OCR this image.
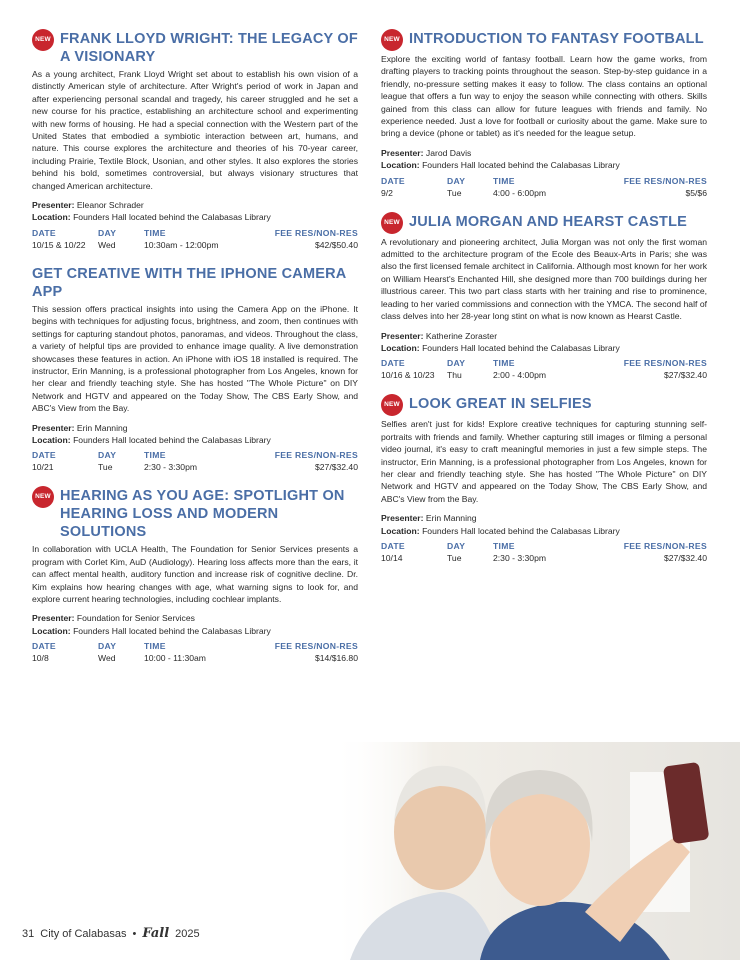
NEW FRANK LLOYD WRIGHT: THE LEGACY OF A VISIONARY

As a young architect, Frank Lloyd Wright set about to establish his own vision of a distinctly American style of architecture. After Wright's period of work in Japan and after experiencing personal scandal and tragedy, his career struggled and he set a new course for his practice, establishing an architecture school and experimenting with new forms of housing. He had a special connection with the Western part of the United States that embodied a symbiotic interaction between art, humans, and nature. This course explores the architecture and theories of his 70-year career, including Prairie, Textile Block, Usonian, and other styles. It also explores the stories behind his bold, sometimes controversial, but always visionary structures that changed American architecture.

Presenter: Eleanor Schrader
Location: Founders Hall located behind the Calabasas Library
DATE	DAY	TIME	FEE RES/NON-RES
10/15 & 10/22	Wed	10:30am - 12:00pm	$42/$50.40
GET CREATIVE WITH THE IPHONE CAMERA APP

This session offers practical insights into using the Camera App on the iPhone. It begins with techniques for adjusting focus, brightness, and zoom, then continues with settings for capturing standout photos, panoramas, and videos. Throughout the class, a variety of helpful tips are provided to enhance image quality. A live demonstration showcases these features in action. An iPhone with iOS 18 installed is required. The instructor, Erin Manning, is a professional photographer from Los Angeles, known for her clear and friendly teaching style. She has hosted "The Whole Picture" on DIY Network and HGTV and appeared on the Today Show, The CBS Early Show, and ABC's View from the Bay.

Presenter: Erin Manning
Location: Founders Hall located behind the Calabasas Library
DATE	DAY	TIME	FEE RES/NON-RES
10/21	Tue	2:30 - 3:30pm	$27/$32.40
NEW HEARING AS YOU AGE: SPOTLIGHT ON HEARING LOSS AND MODERN SOLUTIONS

In collaboration with UCLA Health, The Foundation for Senior Services presents a program with Corlet Kim, AuD (Audiology). Hearing loss affects more than the ears, it can affect mental health, auditory function and increase risk of cognitive decline. Dr. Kim explains how hearing changes with age, what warning signs to look for, and explore current hearing technologies, including cochlear implants.

Presenter: Foundation for Senior Services
Location: Founders Hall located behind the Calabasas Library
DATE	DAY	TIME	FEE RES/NON-RES
10/8	Wed	10:00 - 11:30am	$14/$16.80
NEW INTRODUCTION TO FANTASY FOOTBALL

Explore the exciting world of fantasy football. Learn how the game works, from drafting players to tracking points throughout the season. Step-by-step guidance in a friendly, no-pressure setting makes it easy to follow. The class contains an optional league that offers a fun way to enjoy the season while connecting with others. Skills gained from this class can allow for future leagues with friends and family. No experience needed. Just a love for football or curiosity about the game. Make sure to bring a device (phone or tablet) as it's needed for the league setup.

Presenter: Jarod Davis
Location: Founders Hall located behind the Calabasas Library
DATE	DAY	TIME	FEE RES/NON-RES
9/2	Tue	4:00 - 6:00pm	$5/$6
NEW JULIA MORGAN AND HEARST CASTLE

A revolutionary and pioneering architect, Julia Morgan was not only the first woman admitted to the architecture program of the Ecole des Beaux-Arts in Paris; she was also the first licensed female architect in California. Although most known for her work on William Hearst's Enchanted Hill, she designed more than 700 buildings during her illustrious career. This two part class starts with her training and rise to prominence, leading to her varied commissions and connection with the YMCA. The second half of class delves into her 28-year long stint on what is now known as Hearst Castle.

Presenter: Katherine Zoraster
Location: Founders Hall located behind the Calabasas Library
DATE	DAY	TIME	FEE RES/NON-RES
10/16 & 10/23	Thu	2:00 - 4:00pm	$27/$32.40
NEW LOOK GREAT IN SELFIES

Selfies aren't just for kids! Explore creative techniques for capturing stunning self-portraits with friends and family. Whether capturing still images or filming a personal video journal, it's easy to craft meaningful memories in just a few simple steps. The instructor, Erin Manning, is a professional photographer from Los Angeles, known for her clear and friendly teaching style. She has hosted "The Whole Picture" on DIY Network and HGTV and appeared on the Today Show, The CBS Early Show, and ABC's View from the Bay.

Presenter: Erin Manning
Location: Founders Hall located behind the Calabasas Library
DATE	DAY	TIME	FEE RES/NON-RES
10/14	Tue	2:30 - 3:30pm	$27/$32.40
31 City of Calabasas • Fall 2025
